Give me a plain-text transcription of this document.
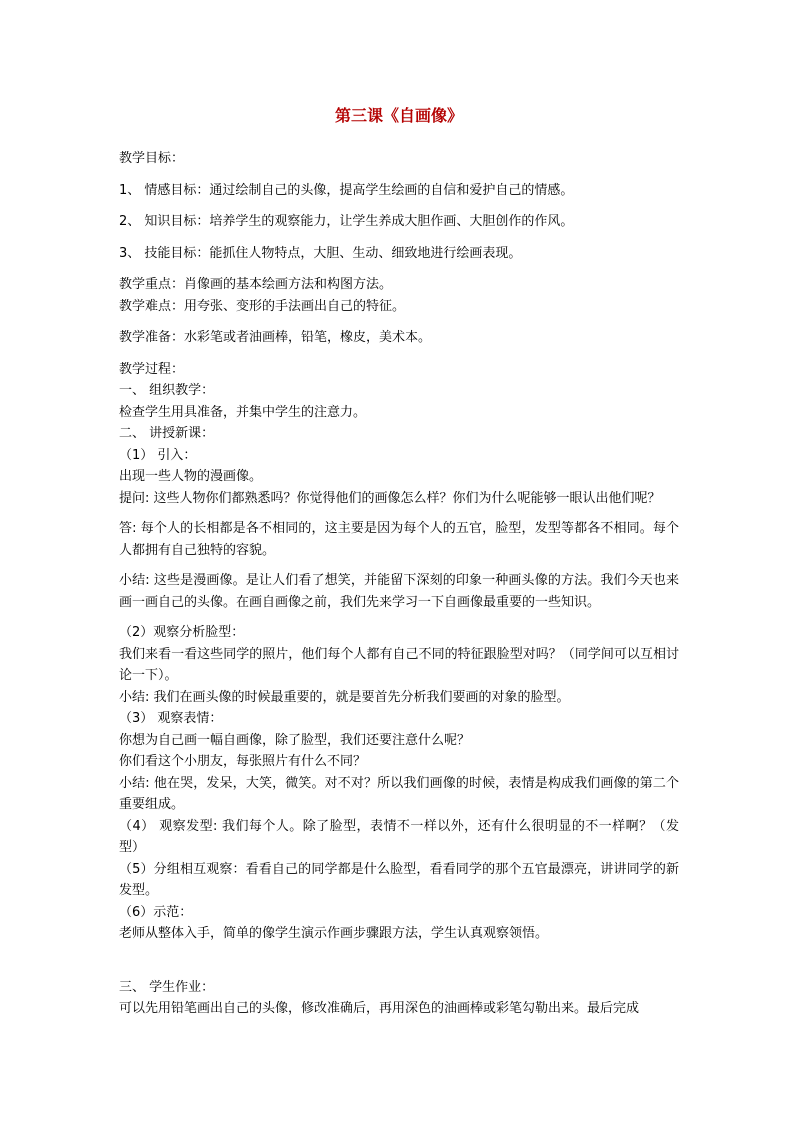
第三课《自画像》

教学目标：

1、 情感目标：通过绘制自己的头像，提高学生绘画的自信和爱护自己的情感。

2、 知识目标：培养学生的观察能力，让学生养成大胆作画、大胆创作的作风。

3、 技能目标：能抓住人物特点，大胆、生动、细致地进行绘画表现。

教学重点：肖像画的基本绘画方法和构图方法。

教学难点：用夸张、变形的手法画出自己的特征。

教学准备：水彩笔或者油画棒，铅笔，橡皮，美术本。

教学过程：

一、 组织教学：

检查学生用具准备，并集中学生的注意力。

二、 讲授新课：

（1） 引入：

出现一些人物的漫画像。

提问: 这些人物你们都熟悉吗？你觉得他们的画像怎么样？你们为什么呢能够一眼认出他们呢？

答: 每个人的长相都是各不相同的，这主要是因为每个人的五官，脸型，发型等都各不相同。每个人都拥有自己独特的容貌。

小结: 这些是漫画像。是让人们看了想笑，并能留下深刻的印象一种画头像的方法。我们今天也来画一画自己的头像。在画自画像之前，我们先来学习一下自画像最重要的一些知识。

（2）观察分析脸型：

我们来看一看这些同学的照片，他们每个人都有自己不同的特征跟脸型对吗？（同学间可以互相讨论一下）。

小结: 我们在画头像的时候最重要的，就是要首先分析我们要画的对象的脸型。

（3） 观察表情：

你想为自己画一幅自画像，除了脸型，我们还要注意什么呢？

你们看这个小朋友，每张照片有什么不同？

小结: 他在哭，发呆，大笑，微笑。对不对？所以我们画像的时候，表情是构成我们画像的第二个重要组成。

（4） 观察发型: 我们每个人。除了脸型，表情不一样以外，还有什么很明显的不一样啊？（发型）

（5）分组相互观察：看看自己的同学都是什么脸型，看看同学的那个五官最漂亮，讲讲同学的新发型。

（6）示范：

老师从整体入手，简单的像学生演示作画步骤跟方法，学生认真观察领悟。

三、 学生作业：

可以先用铅笔画出自己的头像，修改准确后，再用深色的油画棒或彩笔勾勒出来。最后完成
